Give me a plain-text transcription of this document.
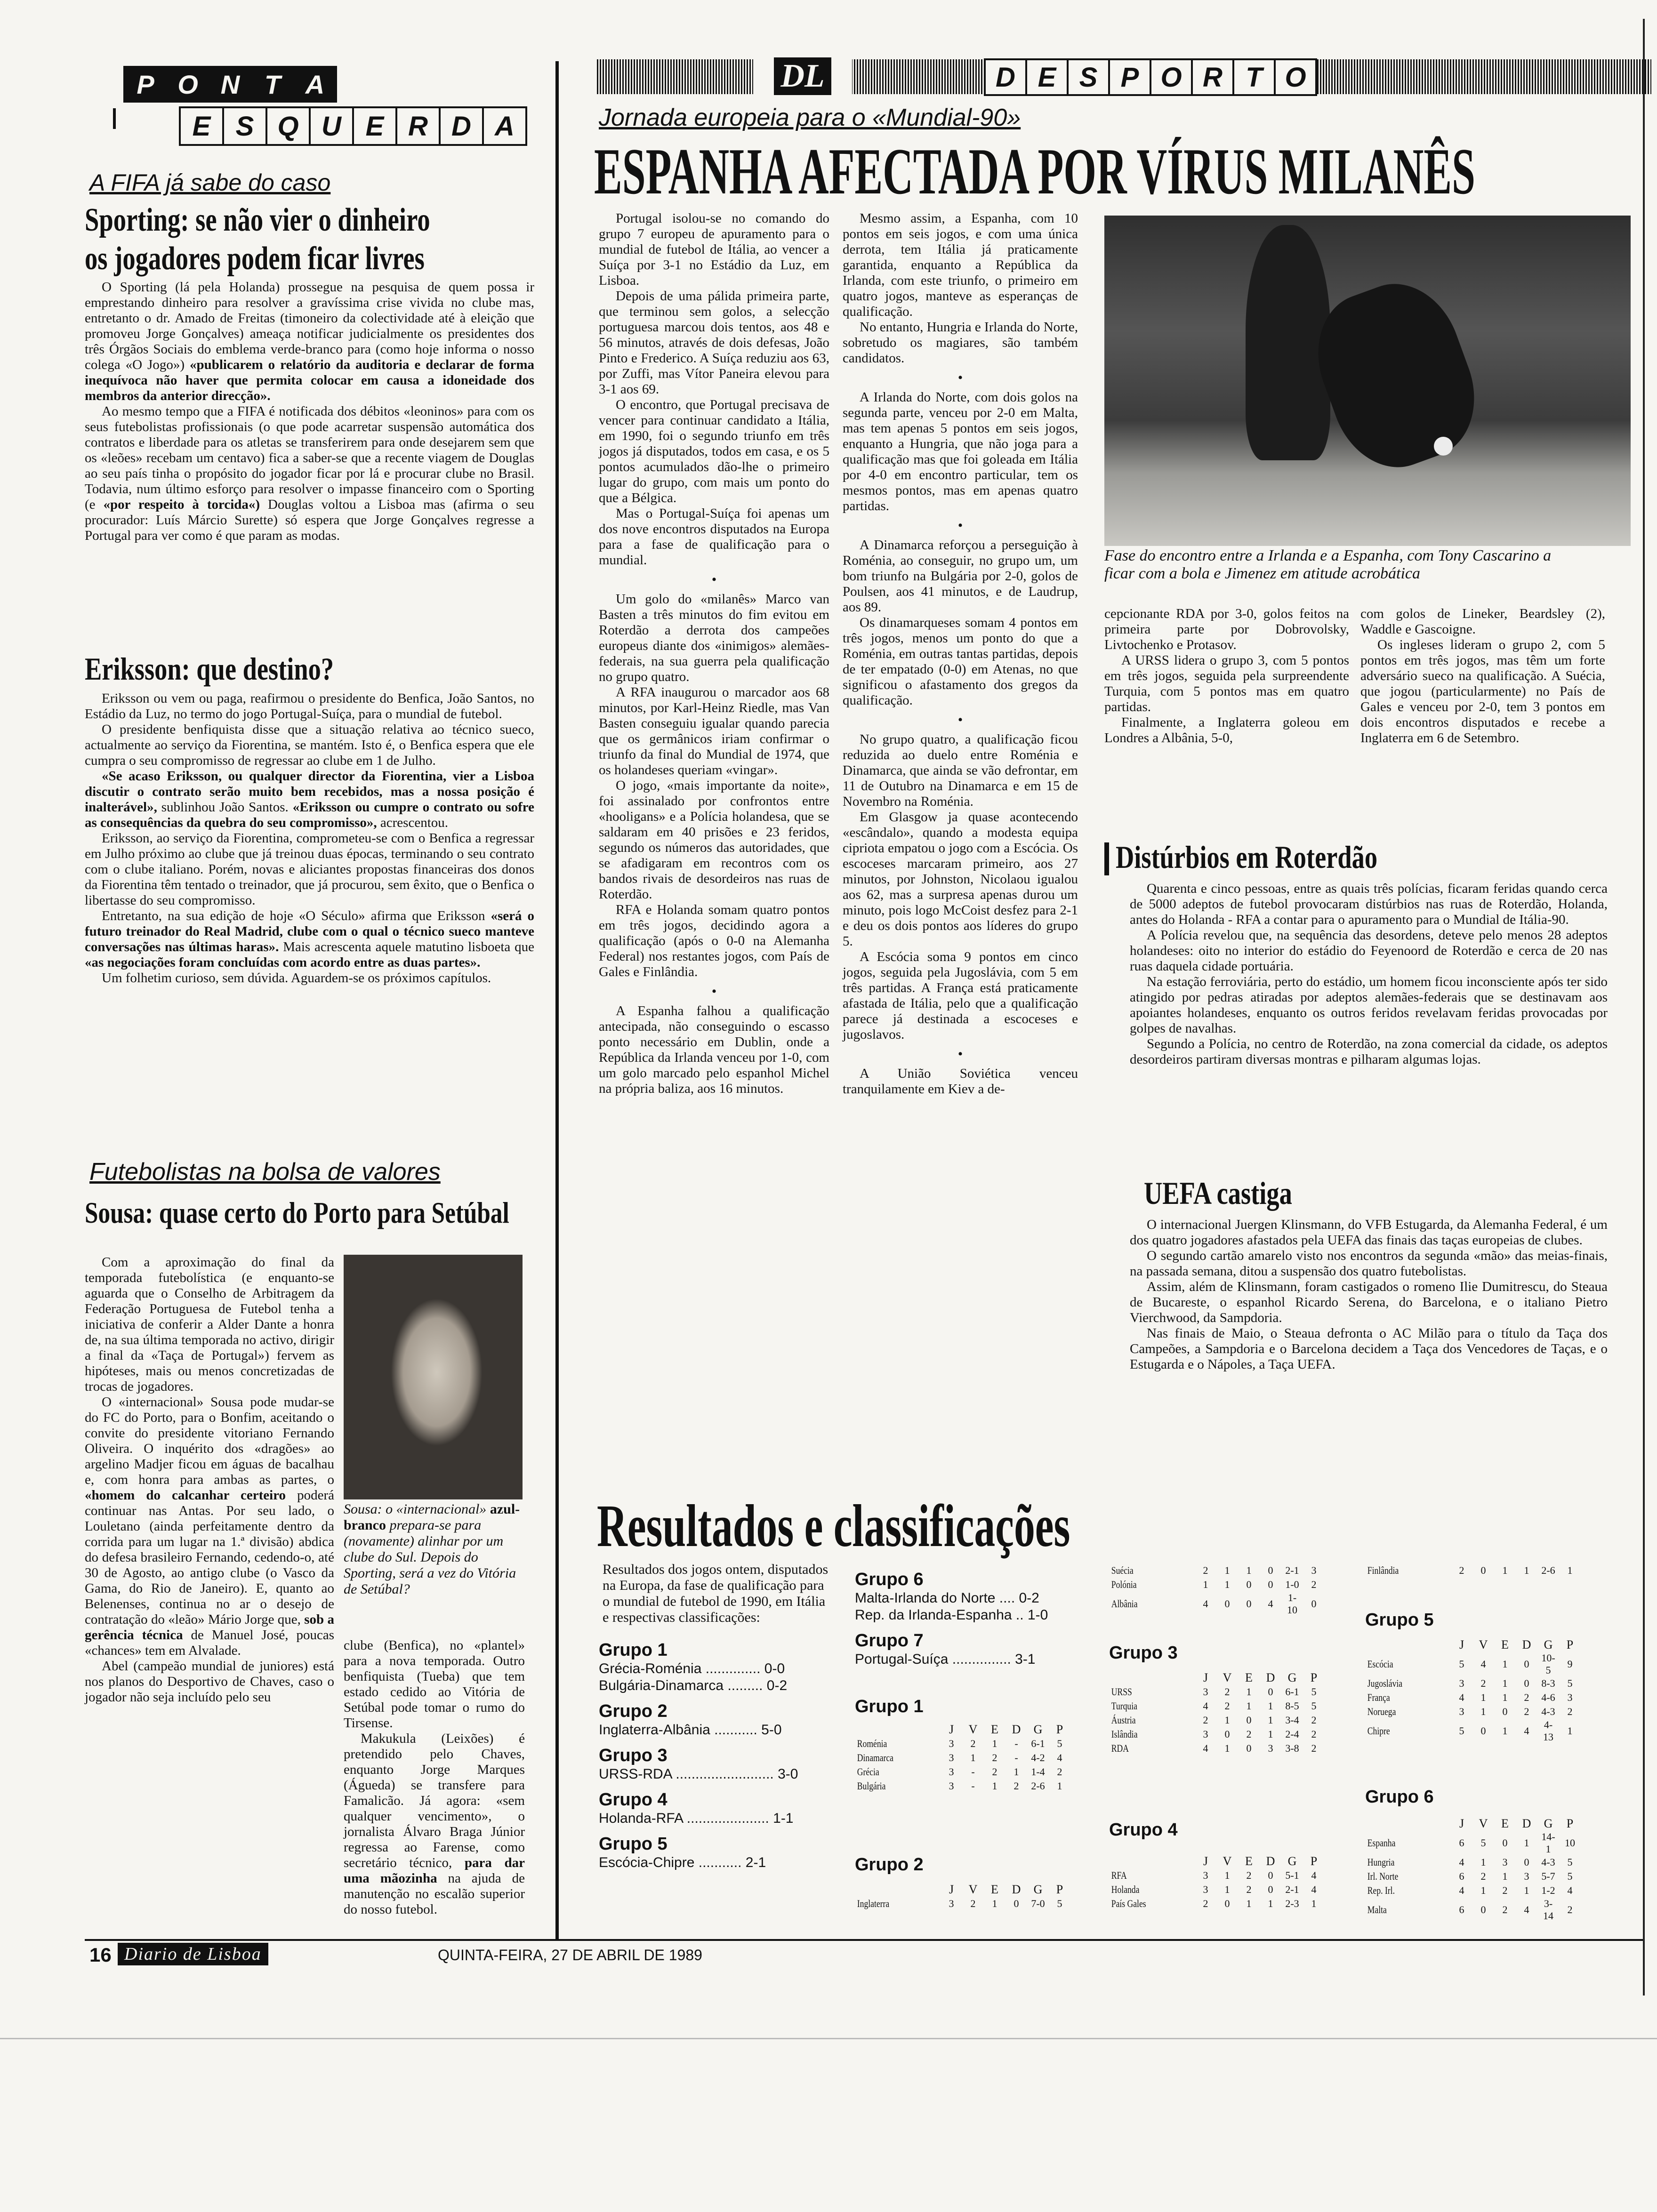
P O N T A
E S Q U E R D A
DL	D E S P O R T O
A FIFA já sabe do caso
Sporting: se não vier o dinheiro
os jogadores podem ficar livres

O Sporting (lá pela Holanda) prossegue na pesquisa de quem possa ir emprestando dinheiro para resolver a gravíssima crise vivida no clube mas, entretanto o dr. Amado de Freitas (timoneiro da colectividade até à eleição que promoveu Jorge Gonçalves) ameaça notificar judicialmente os presidentes dos três Órgãos Sociais do emblema verde-branco para (como hoje informa o nosso colega «O Jogo») «publicarem o relatório da auditoria e declarar de forma inequívoca não haver que permita colocar em causa a idoneidade dos membros da anterior direcção».

Ao mesmo tempo que a FIFA é notificada dos débitos «leoninos» para com os seus futebolistas profissionais (o que pode acarretar suspensão automática dos contratos e liberdade para os atletas se transferirem para onde desejarem sem que os «leões» recebam um centavo) fica a saber-se que a recente viagem de Douglas ao seu país tinha o propósito do jogador ficar por lá e procurar clube no Brasil. Todavia, num último esforço para resolver o impasse financeiro com o Sporting (e «por respeito à torcida«) Douglas voltou a Lisboa mas (afirma o seu procurador: Luís Márcio Surette) só espera que Jorge Gonçalves regresse a Portugal para ver como é que param as modas.

Eriksson: que destino?

Eriksson ou vem ou paga, reafirmou o presidente do Benfica, João Santos, no Estádio da Luz, no termo do jogo Portugal-Suíça, para o mundial de futebol.

O presidente benfiquista disse que a situação relativa ao técnico sueco, actualmente ao serviço da Fiorentina, se mantém. Isto é, o Benfica espera que ele cumpra o seu compromisso de regressar ao clube em 1 de Julho.

«Se acaso Eriksson, ou qualquer director da Fiorentina, vier a Lisboa discutir o contrato serão muito bem recebidos, mas a nossa posição é inalterável», sublinhou João Santos. «Eriksson ou cumpre o contrato ou sofre as consequências da quebra do seu compromisso», acrescentou.

Eriksson, ao serviço da Fiorentina, comprometeu-se com o Benfica a regressar em Julho próximo ao clube que já treinou duas épocas, terminando o seu contrato com o clube italiano. Porém, novas e aliciantes propostas financeiras dos donos da Fiorentina têm tentado o treinador, que já procurou, sem êxito, que o Benfica o libertasse do seu compromisso.

Entretanto, na sua edição de hoje «O Século» afirma que Eriksson «será o futuro treinador do Real Madrid, clube com o qual o técnico sueco manteve conversações nas últimas haras». Mais acrescenta aquele matutino lisboeta que «as negociações foram concluídas com acordo entre as duas partes».

Um folhetim curioso, sem dúvida. Aguardem-se os próximos capítulos.

Futebolistas na bolsa de valores
Sousa: quase certo do Porto para Setúbal

Com a aproximação do final da temporada futebolística (e enquanto-se aguarda que o Conselho de Arbitragem da Federação Portuguesa de Futebol tenha a iniciativa de conferir a Alder Dante a honra de, na sua última temporada no activo, dirigir a final da «Taça de Portugal») fervem as hipóteses, mais ou menos concretizadas de trocas de jogadores.

O «internacional» Sousa pode mudar-se do FC do Porto, para o Bonfim, aceitando o convite do presidente vitoriano Fernando Oliveira. O inquérito dos «dragões» ao argelino Madjer ficou em águas de bacalhau e, com honra para ambas as partes, o «homem do calcanhar certeiro poderá continuar nas Antas. Por seu lado, o Louletano (ainda perfeitamente dentro da corrida para um lugar na 1.ª divisão) abdica do defesa brasileiro Fernando, cedendo-o, até 30 de Agosto, ao antigo clube (o Vasco da Gama, do Rio de Janeiro). E, quanto ao Belenenses, continua no ar o desejo de contratação do «leão» Mário Jorge que, sob a gerência técnica de Manuel José, poucas «chances» tem em Alvalade.

Abel (campeão mundial de juniores) está nos planos do Desportivo de Chaves, caso o jogador não seja incluído pelo seu

Sousa: o «internacional» azul-branco prepara-se para (novamente) alinhar por um clube do Sul. Depois do Sporting, será a vez do Vitória de Setúbal?

clube (Benfica), no «plantel» para a nova temporada. Outro benfiquista (Tueba) que tem estado cedido ao Vitória de Setúbal pode tomar o rumo do Tirsense.

Makukula (Leixões) é pretendido pelo Chaves, enquanto Jorge Marques (Águeda) se transfere para Famalicão. Já agora: «sem qualquer vencimento», o jornalista Álvaro Braga Júnior regressa ao Farense, como secretário técnico, para dar uma mãozinha na ajuda de manutenção no escalão superior do nosso futebol.

Jornada europeia para o «Mundial-90»
ESPANHA AFECTADA POR VÍRUS MILANÊS

Portugal isolou-se no comando do grupo 7 europeu de apuramento para o mundial de futebol de Itália, ao vencer a Suíça por 3-1 no Estádio da Luz, em Lisboa.

Depois de uma pálida primeira parte, que terminou sem golos, a selecção portuguesa marcou dois tentos, aos 48 e 56 minutos, através de dois defesas, João Pinto e Frederico. A Suíça reduziu aos 63, por Zuffi, mas Vítor Paneira elevou para 3-1 aos 69.

O encontro, que Portugal precisava de vencer para continuar candidato a Itália, em 1990, foi o segundo triunfo em três jogos já disputados, todos em casa, e os 5 pontos acumulados dão-lhe o primeiro lugar do grupo, com mais um ponto do que a Bélgica.

Mas o Portugal-Suíça foi apenas um dos nove encontros disputados na Europa para a fase de qualificação para o mundial.

•

Um golo do «milanês» Marco van Basten a três minutos do fim evitou em Roterdão a derrota dos campeões europeus diante dos «inimigos» alemães-federais, na sua guerra pela qualificação no grupo quatro.

A RFA inaugurou o marcador aos 68 minutos, por Karl-Heinz Riedle, mas Van Basten conseguiu igualar quando parecia que os germânicos iriam confirmar o triunfo da final do Mundial de 1974, que os holandeses queriam «vingar».

O jogo, «mais importante da noite», foi assinalado por confrontos entre «hooligans» e a Polícia holandesa, que se saldaram em 40 prisões e 23 feridos, segundo os números das autoridades, que se afadigaram em recontros com os bandos rivais de desordeiros nas ruas de Roterdão.

RFA e Holanda somam quatro pontos em três jogos, decidindo agora a qualificação (após o 0-0 na Alemanha Federal) nos restantes jogos, com País de Gales e Finlândia.

•

A Espanha falhou a qualificação antecipada, não conseguindo o escasso ponto necessário em Dublin, onde a República da Irlanda venceu por 1-0, com um golo marcado pelo espanhol Michel na própria baliza, aos 16 minutos.

Mesmo assim, a Espanha, com 10 pontos em seis jogos, e com uma única derrota, tem Itália já praticamente garantida, enquanto a República da Irlanda, com este triunfo, o primeiro em quatro jogos, manteve as esperanças de qualificação.

No entanto, Hungria e Irlanda do Norte, sobretudo os magiares, são também candidatos.

•

A Irlanda do Norte, com dois golos na segunda parte, venceu por 2-0 em Malta, mas tem apenas 5 pontos em seis jogos, enquanto a Hungria, que não joga para a qualificação mas que foi goleada em Itália por 4-0 em encontro particular, tem os mesmos pontos, mas em apenas quatro partidas.

•

A Dinamarca reforçou a perseguição à Roménia, ao conseguir, no grupo um, um bom triunfo na Bulgária por 2-0, golos de Poulsen, aos 41 minutos, e de Laudrup, aos 89.

Os dinamarqueses somam 4 pontos em três jogos, menos um ponto do que a Roménia, em outras tantas partidas, depois de ter empatado (0-0) em Atenas, no que significou o afastamento dos gregos da qualificação.

•

No grupo quatro, a qualificação ficou reduzida ao duelo entre Roménia e Dinamarca, que ainda se vão defrontar, em 11 de Outubro na Dinamarca e em 15 de Novembro na Roménia.

Em Glasgow ja quase acontecendo «escândalo», quando a modesta equipa cipriota empatou o jogo com a Escócia. Os escoceses marcaram primeiro, aos 27 minutos, por Johnston, Nicolaou igualou aos 62, mas a surpresa apenas durou um minuto, pois logo McCoist desfez para 2-1 e deu os dois pontos aos líderes do grupo 5.

A Escócia soma 9 pontos em cinco jogos, seguida pela Jugoslávia, com 5 em três partidas. A França está praticamente afastada de Itália, pelo que a qualificação parece já destinada a escoceses e jugoslavos.

•

A União Soviética venceu tranquilamente em Kiev a de-

Fase do encontro entre a Irlanda e a Espanha, com Tony Cascarino a ficar com a bola e Jimenez em atitude acrobática

cepcionante RDA por 3-0, golos feitos na primeira parte por Dobrovolsky, Livtochenko e Protasov.

A URSS lidera o grupo 3, com 5 pontos em três jogos, seguida pela surpreendente Turquia, com 5 pontos mas em quatro partidas.

Finalmente, a Inglaterra goleou em Londres a Albânia, 5-0,

com golos de Lineker, Beardsley (2), Waddle e Gascoigne.

Os ingleses lideram o grupo 2, com 5 pontos em três jogos, mas têm um forte adversário sueco na qualificação. A Suécia, que jogou (particularmente) no País de Gales e venceu por 2-0, tem 3 pontos em dois encontros disputados e recebe a Inglaterra em 6 de Setembro.

Distúrbios em Roterdão

Quarenta e cinco pessoas, entre as quais três polícias, ficaram feridas quando cerca de 5000 adeptos de futebol provocaram distúrbios nas ruas de Roterdão, Holanda, antes do Holanda - RFA a contar para o apuramento para o Mundial de Itália-90.

A Polícia revelou que, na sequência das desordens, deteve pelo menos 28 adeptos holandeses: oito no interior do estádio do Feyenoord de Roterdão e cerca de 20 nas ruas daquela cidade portuária.

Na estação ferroviária, perto do estádio, um homem ficou inconsciente após ter sido atingido por pedras atiradas por adeptos alemães-federais que se destinavam aos apoiantes holandeses, enquanto os outros feridos revelavam feridas provocadas por golpes de navalhas.

Segundo a Polícia, no centro de Roterdão, na zona comercial da cidade, os adeptos desordeiros partiram diversas montras e pilharam algumas lojas.

UEFA castiga

O internacional Juergen Klinsmann, do VFB Estugarda, da Alemanha Federal, é um dos quatro jogadores afastados pela UEFA das finais das taças europeias de clubes.

O segundo cartão amarelo visto nos encontros da segunda «mão» das meias-finais, na passada semana, ditou a suspensão dos quatro futebolistas.

Assim, além de Klinsmann, foram castigados o romeno Ilie Dumitrescu, do Steaua de Bucareste, o espanhol Ricardo Serena, do Barcelona, e o italiano Pietro Vierchwood, da Sampdoria.

Nas finais de Maio, o Steaua defronta o AC Milão para o título da Taça dos Campeões, a Sampdoria e o Barcelona decidem a Taça dos Vencedores de Taças, e o Estugarda e o Nápoles, a Taça UEFA.

Resultados e classificações
Resultados dos jogos ontem, disputados na Europa, da fase de qualificação para o mundial de futebol de 1990, em Itália e respectivas classificações:
Grupo 1
Grécia-Roménia .............. 0-0
Bulgária-Dinamarca ......... 0-2
Grupo 2
Inglaterra-Albânia ........... 5-0
Grupo 3
URSS-RDA ......................... 3-0
Grupo 4
Holanda-RFA ..................... 1-1
Grupo 5
Escócia-Chipre ........... 2-1
Grupo 6
Malta-Irlanda do Norte .... 0-2
Rep. da Irlanda-Espanha .. 1-0
Grupo 7
Portugal-Suíça ............... 3-1
Grupo 1
	J	V	E	D	G	P
Roménia	3	2	1	-	6-1	5
Dinamarca	3	1	2	-	4-2	4
Grécia	3	-	2	1	1-4	2
Bulgária	3	-	1	2	2-6	1
Grupo 2
	J	V	E	D	G	P
Inglaterra	3	2	1	0	7-0	5
Suécia	2	1	1	0	2-1	3
Polónia	1	1	0	0	1-0	2
Albânia	4	0	0	4	1-10	0
Grupo 3
	J	V	E	D	G	P
URSS	3	2	1	0	6-1	5
Turquia	4	2	1	1	8-5	5
Áustria	2	1	0	1	3-4	2
Islândia	3	0	2	1	2-4	2
RDA	4	1	0	3	3-8	2
Grupo 4
	J	V	E	D	G	P
RFA	3	1	2	0	5-1	4
Holanda	3	1	2	0	2-1	4
País Gales	2	0	1	1	2-3	1
Finlândia	2	0	1	1	2-6	1
Grupo 5
	J	V	E	D	G	P
Escócia	5	4	1	0	10-5	9
Jugoslávia	3	2	1	0	8-3	5
França	4	1	1	2	4-6	3
Noruega	3	1	0	2	4-3	2
Chipre	5	0	1	4	4-13	1
Grupo 6
	J	V	E	D	G	P
Espanha	6	5	0	1	14-1	10
Hungria	4	1	3	0	4-3	5
Irl. Norte	6	2	1	3	5-7	5
Rep. Irl.	4	1	2	1	1-2	4
Malta	6	0	2	4	3-14	2
16 Diario de Lisboa	QUINTA-FEIRA, 27 DE ABRIL DE 1989
